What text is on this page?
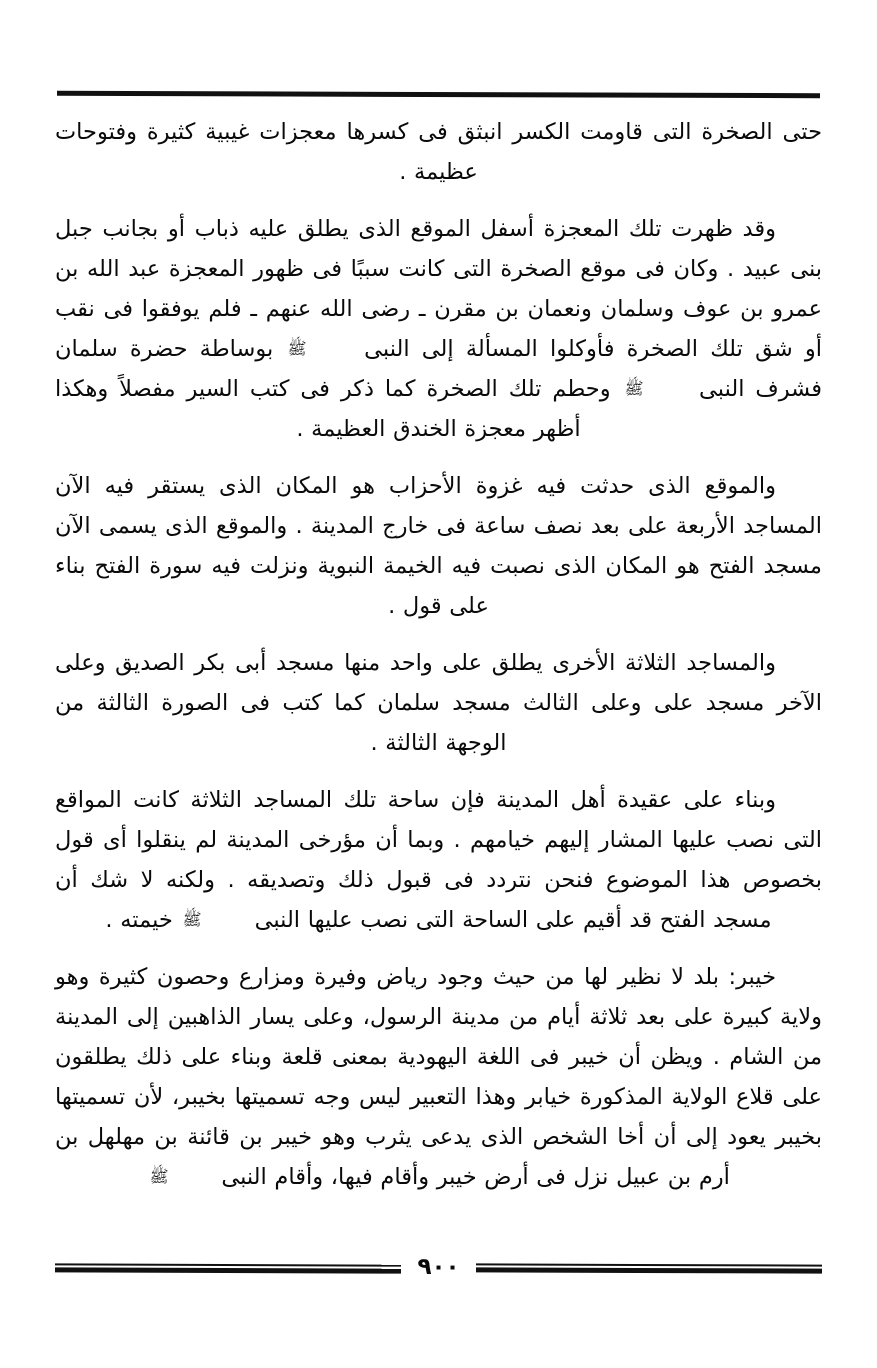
حتى الصخرة التى قاومت الكسر انبثق فى كسرها معجزات غيبية كثيرة وفتوحات عظيمة .

وقد ظهرت تلك المعجزة أسفل الموقع الذى يطلق عليه ذباب أو بجانب جبل بنى عبيد . وكان فى موقع الصخرة التى كانت سببًا فى ظهور المعجزة عبد الله بن عمرو بن عوف وسلمان ونعمان بن مقرن ـ رضى الله عنهم ـ فلم يوفقوا فى نقب أو شق تلك الصخرة فأوكلوا المسألة إلى النبى ﷺ بوساطة حضرة سلمان فشرف النبى ﷺ وحطم تلك الصخرة كما ذكر فى كتب السير مفصلاً وهكذا أظهر معجزة الخندق العظيمة .

والموقع الذى حدثت فيه غزوة الأحزاب هو المكان الذى يستقر فيه الآن المساجد الأربعة على بعد نصف ساعة فى خارج المدينة . والموقع الذى يسمى الآن مسجد الفتح هو المكان الذى نصبت فيه الخيمة النبوية ونزلت فيه سورة الفتح بناء على قول .

والمساجد الثلاثة الأخرى يطلق على واحد منها مسجد أبى بكر الصديق وعلى الآخر مسجد على وعلى الثالث مسجد سلمان كما كتب فى الصورة الثالثة من الوجهة الثالثة .

وبناء على عقيدة أهل المدينة فإن ساحة تلك المساجد الثلاثة كانت المواقع التى نصب عليها المشار إليهم خيامهم . وبما أن مؤرخى المدينة لم ينقلوا أى قول بخصوص هذا الموضوع فنحن نتردد فى قبول ذلك وتصديقه . ولكنه لا شك أن مسجد الفتح قد أقيم على الساحة التى نصب عليها النبى ﷺ خيمته .

خيبر: بلد لا نظير لها من حيث وجود رياض وفيرة ومزارع وحصون كثيرة وهو ولاية كبيرة على بعد ثلاثة أيام من مدينة الرسول، وعلى يسار الذاهبين إلى المدينة من الشام . ويظن أن خيبر فى اللغة اليهودية بمعنى قلعة وبناء على ذلك يطلقون على قلاع الولاية المذكورة خيابر وهذا التعبير ليس وجه تسميتها بخيبر، لأن تسميتها بخيبر يعود إلى أن أخا الشخص الذى يدعى يثرب وهو خيبر بن قائنة بن مهلهل بن أرم بن عبيل نزل فى أرض خيبر وأقام فيها، وأقام النبى ﷺ

٩٠٠
